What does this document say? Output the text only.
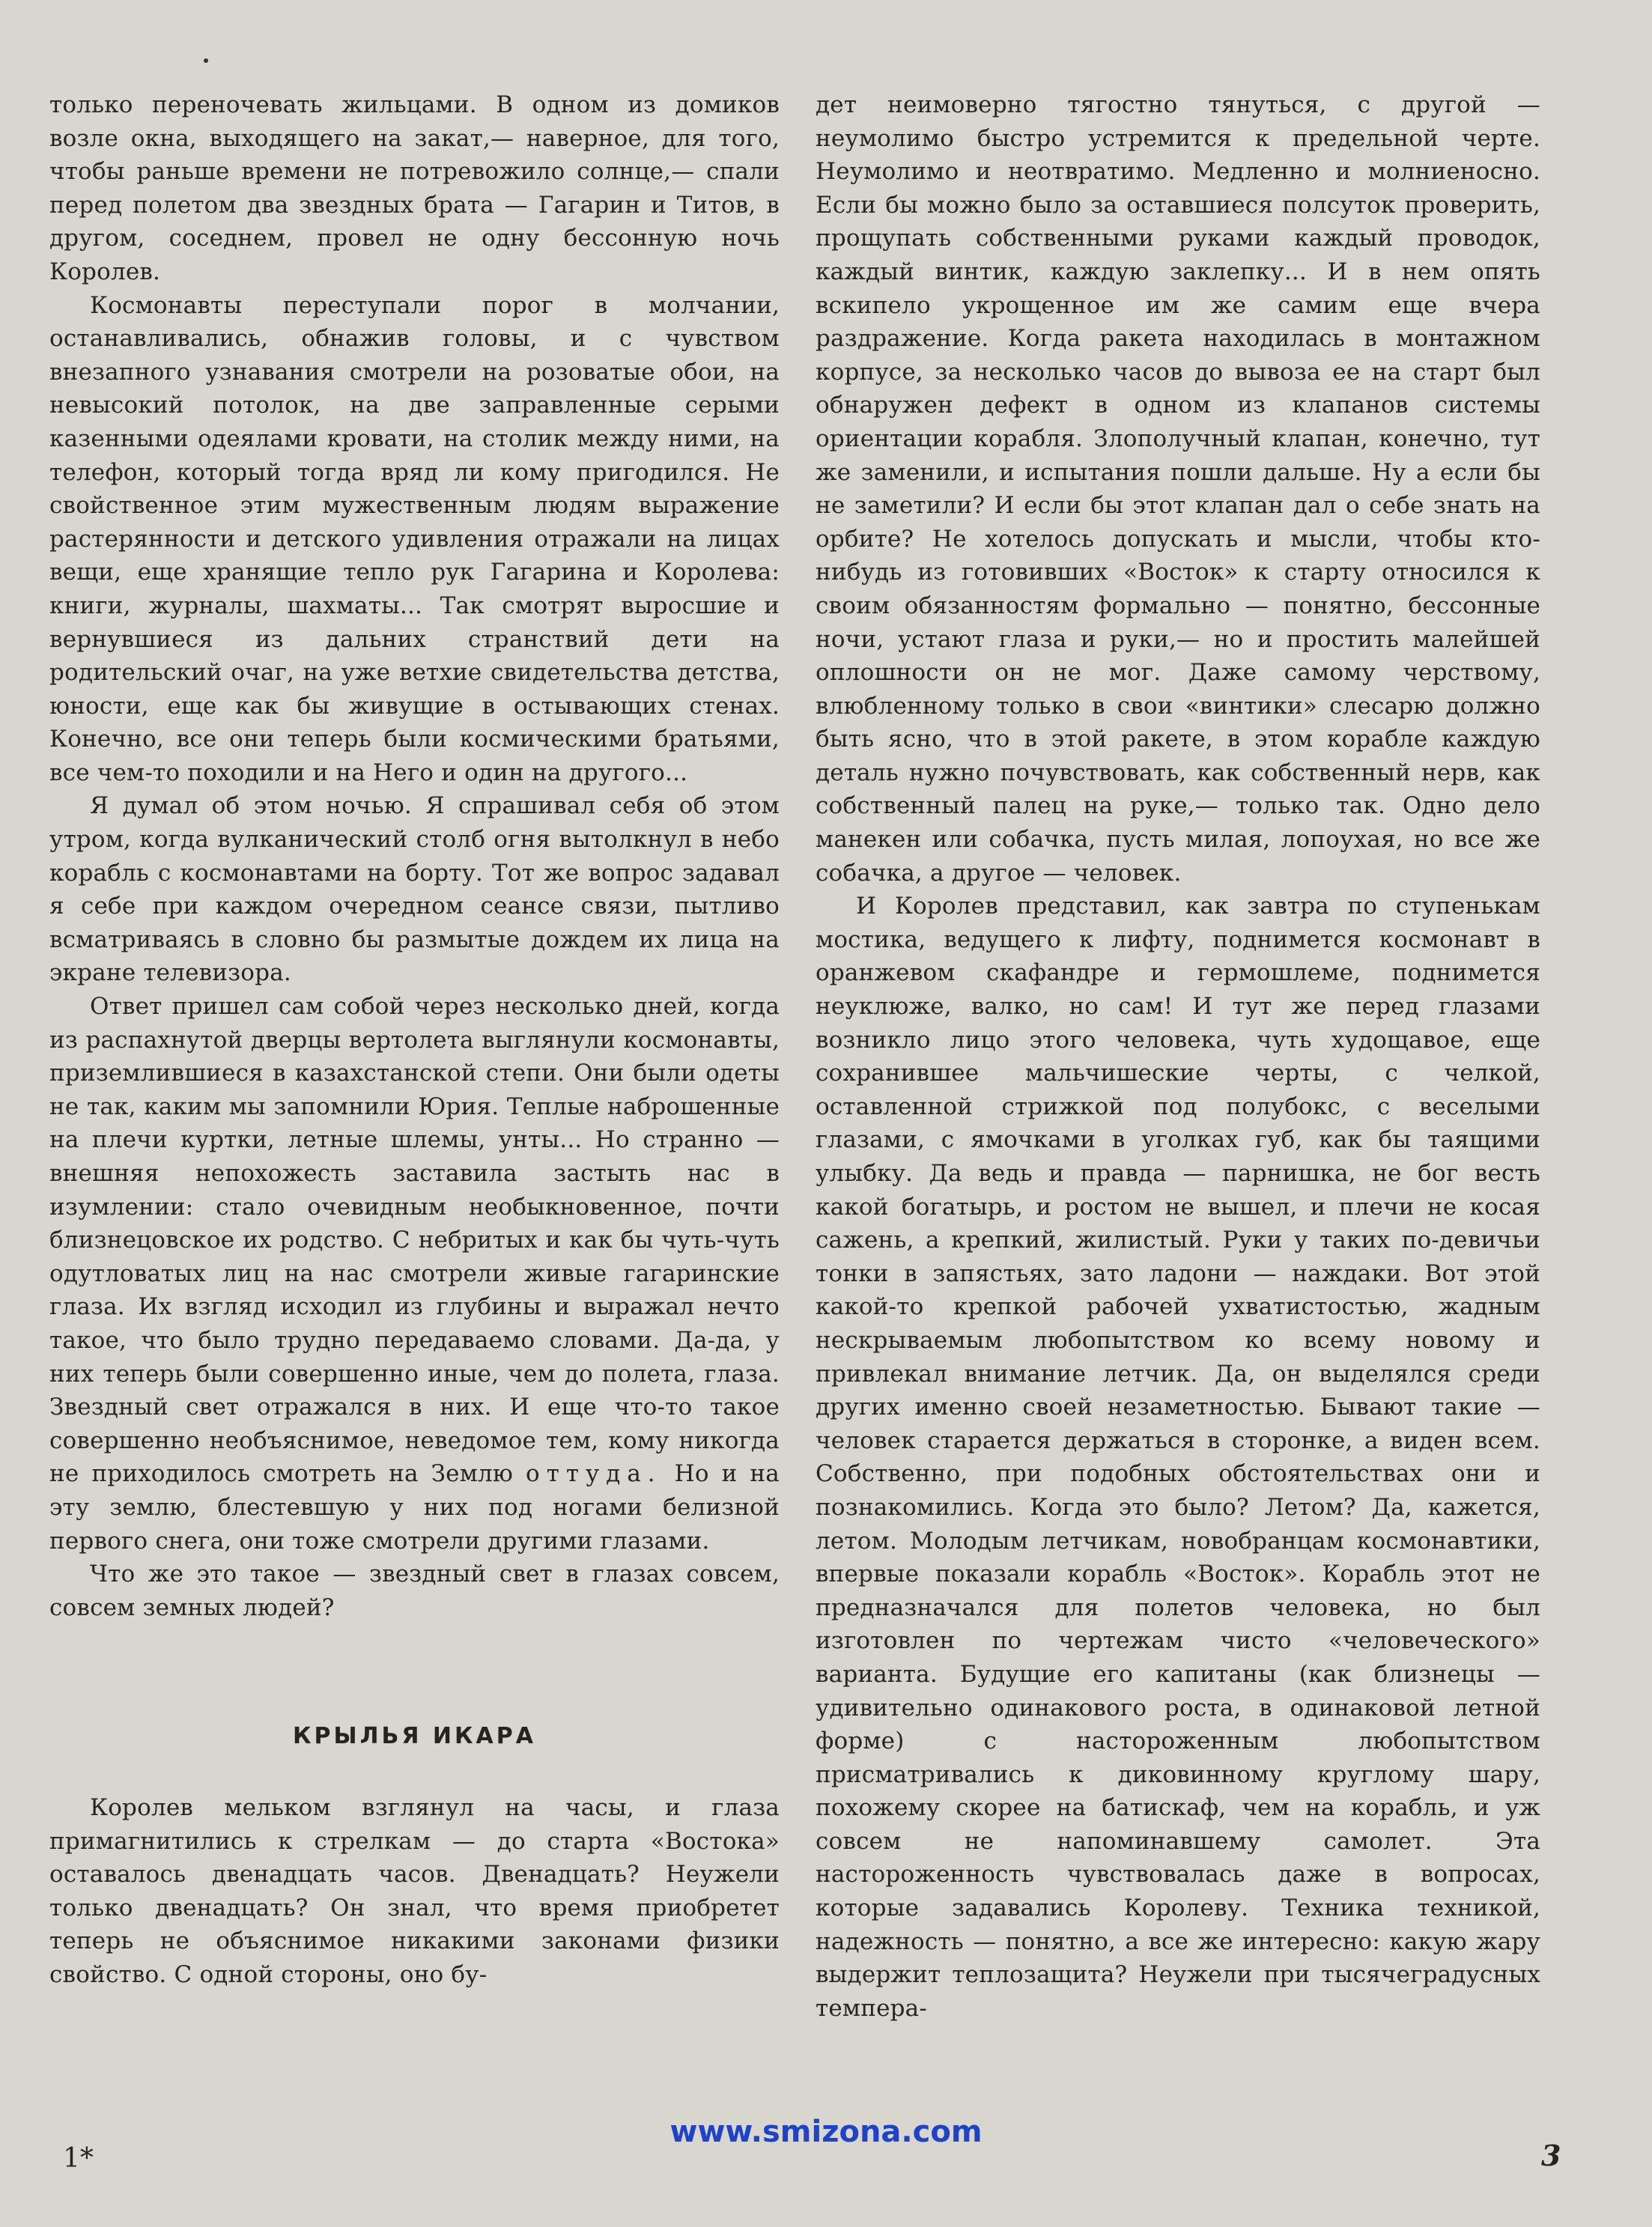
только переночевать жильцами. В одном из домиков возле окна, выходящего на закат,— наверное, для того, чтобы раньше времени не потревожило солнце,— спали перед полетом два звездных брата — Гагарин и Титов, в другом, соседнем, провел не одну бессонную ночь Королев.

Космонавты переступали порог в молчании, останавливались, обнажив головы, и с чувством внезапного узнавания смотрели на розоватые обои, на невысокий потолок, на две заправленные серыми казенными одеялами кровати, на столик между ними, на телефон, который тогда вряд ли кому пригодился. Не свойственное этим мужественным людям выражение растерянности и детского удивления отражали на лицах вещи, еще хранящие тепло рук Гагарина и Королева: книги, журналы, шахматы... Так смотрят выросшие и вернувшиеся из дальних странствий дети на родительский очаг, на уже ветхие свидетельства детства, юности, еще как бы живущие в остывающих стенах. Конечно, все они теперь были космическими братьями, все чем-то походили и на Него и один на другого...

Я думал об этом ночью. Я спрашивал себя об этом утром, когда вулканический столб огня вытолкнул в небо корабль с космонавтами на борту. Тот же вопрос задавал я себе при каждом очередном сеансе связи, пытливо всматриваясь в словно бы размытые дождем их лица на экране телевизора.

Ответ пришел сам собой через несколько дней, когда из распахнутой дверцы вертолета выглянули космонавты, приземлившиеся в казахстанской степи. Они были одеты не так, каким мы запомнили Юрия. Теплые наброшенные на плечи куртки, летные шлемы, унты... Но странно — внешняя непохожесть заставила застыть нас в изумлении: стало очевидным необыкновенное, почти близнецовское их родство. С небритых и как бы чуть-чуть одутловатых лиц на нас смотрели живые гагаринские глаза. Их взгляд исходил из глубины и выражал нечто такое, что было трудно передаваемо словами. Да-да, у них теперь были совершенно иные, чем до полета, глаза. Звездный свет отражался в них. И еще что-то такое совершенно необъяснимое, неведомое тем, кому никогда не приходилось смотреть на Землю оттуда. Но и на эту землю, блестевшую у них под ногами белизной первого снега, они тоже смотрели другими глазами.

Что же это такое — звездный свет в глазах совсем, совсем земных людей?

КРЫЛЬЯ ИКАРА

Королев мельком взглянул на часы, и глаза примагнитились к стрелкам — до старта «Востока» оставалось двенадцать часов. Двенадцать? Неужели только двенадцать? Он знал, что время приобретет теперь не объяснимое никакими законами физики свойство. С одной стороны, оно бу-

дет неимоверно тягостно тянуться, с другой — неумолимо быстро устремится к предельной черте. Неумолимо и неотвратимо. Медленно и молниеносно. Если бы можно было за оставшиеся полсуток проверить, прощупать собственными руками каждый проводок, каждый винтик, каждую заклепку... И в нем опять вскипело укрощенное им же самим еще вчера раздражение. Когда ракета находилась в монтажном корпусе, за несколько часов до вывоза ее на старт был обнаружен дефект в одном из клапанов системы ориентации корабля. Злополучный клапан, конечно, тут же заменили, и испытания пошли дальше. Ну а если бы не заметили? И если бы этот клапан дал о себе знать на орбите? Не хотелось допускать и мысли, чтобы кто-нибудь из готовивших «Восток» к старту относился к своим обязанностям формально — понятно, бессонные ночи, устают глаза и руки,— но и простить малейшей оплошности он не мог. Даже самому черствому, влюбленному только в свои «винтики» слесарю должно быть ясно, что в этой ракете, в этом корабле каждую деталь нужно почувствовать, как собственный нерв, как собственный палец на руке,— только так. Одно дело манекен или собачка, пусть милая, лопоухая, но все же собачка, а другое — человек.

И Королев представил, как завтра по ступенькам мостика, ведущего к лифту, поднимется космонавт в оранжевом скафандре и гермошлеме, поднимется неуклюже, валко, но сам! И тут же перед глазами возникло лицо этого человека, чуть худощавое, еще сохранившее мальчишеские черты, с челкой, оставленной стрижкой под полубокс, с веселыми глазами, с ямочками в уголках губ, как бы таящими улыбку. Да ведь и правда — парнишка, не бог весть какой богатырь, и ростом не вышел, и плечи не косая сажень, а крепкий, жилистый. Руки у таких по-девичьи тонки в запястьях, зато ладони — наждаки. Вот этой какой-то крепкой рабочей ухватистостью, жадным нескрываемым любопытством ко всему новому и привлекал внимание летчик. Да, он выделялся среди других именно своей незаметностью. Бывают такие — человек старается держаться в сторонке, а виден всем. Собственно, при подобных обстоятельствах они и познакомились. Когда это было? Летом? Да, кажется, летом. Молодым летчикам, новобранцам космонавтики, впервые показали корабль «Восток». Корабль этот не предназначался для полетов человека, но был изготовлен по чертежам чисто «человеческого» варианта. Будущие его капитаны (как близнецы — удивительно одинакового роста, в одинаковой летной форме) с настороженным любопытством присматривались к диковинному круглому шару, похожему скорее на батискаф, чем на корабль, и уж совсем не напоминавшему самолет. Эта настороженность чувствовалась даже в вопросах, которые задавались Королеву. Техника техникой, надежность — понятно, а все же интересно: какую жару выдержит теплозащита? Неужели при тысячеградусных темпера-

1*
www.smizona.com
3
